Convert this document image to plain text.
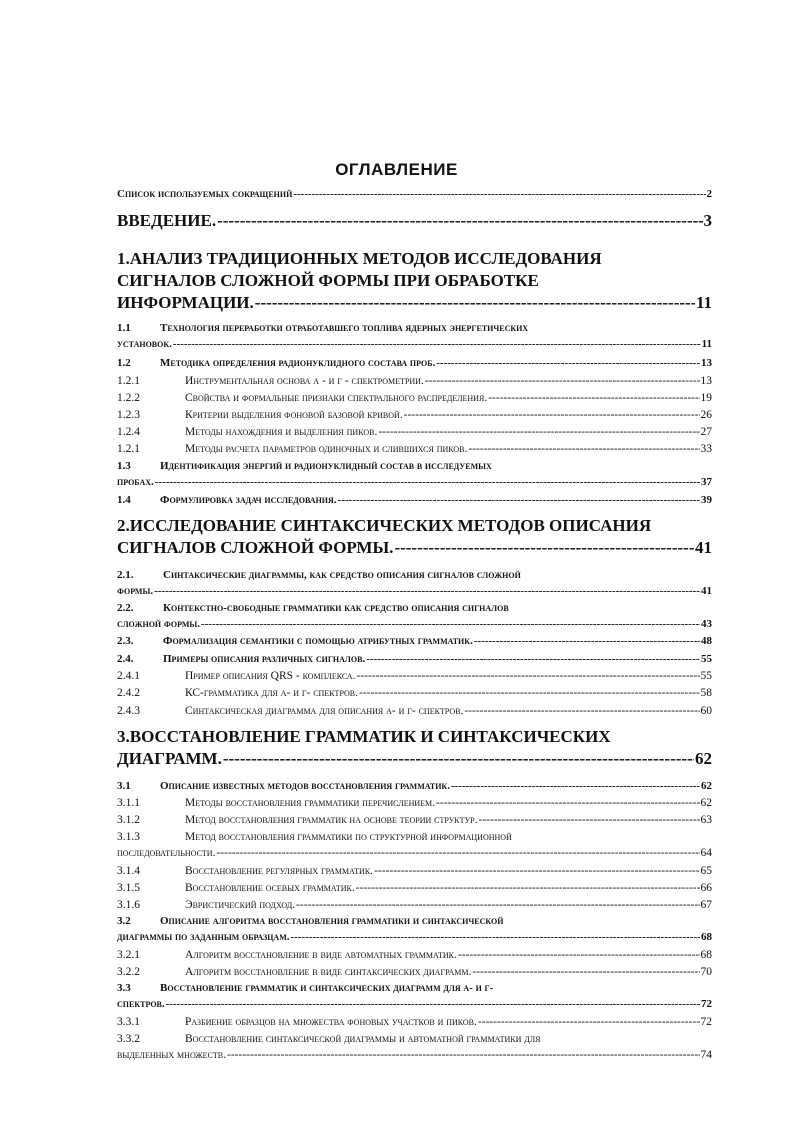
ОГЛАВЛЕНИЕ
Список используемых сокращений -----	2
ВВЕДЕНИЕ. -----	3
1.АНАЛИЗ ТРАДИЦИОННЫХ МЕТОДОВ ИССЛЕДОВАНИЯ
СИГНАЛОВ СЛОЖНОЙ ФОРМЫ ПРИ ОБРАБОТКЕ
ИНФОРМАЦИИ. -----	11
1.1	Технология переработки отработавшего топлива ядерных энергетических
установок. -----	11
1.2	Методика определения радионуклидного состава проб. -----	13
1.2.1	Инструментальная основа α - и γ - спектрометрии. -----	13
1.2.2	Свойства и формальные признаки спектрального распределения. -----	19
1.2.3	Критерии выделения фоновой базовой кривой. -----	26
1.2.4	Методы нахождения и выделения пиков. -----	27
1.2.1	Методы расчета параметров одиночных и слившихся пиков. -----	33
1.3	Идентификация энергий и радионуклидный состав в исследуемых
пробах. -----	37
1.4	Формулировка задач исследования. -----	39
2.ИССЛЕДОВАНИЕ СИНТАКСИЧЕСКИХ МЕТОДОВ ОПИСАНИЯ
СИГНАЛОВ СЛОЖНОЙ ФОРМЫ. -----	41
2.1.	Синтаксические диаграммы, как средство описания сигналов сложной
формы. -----	41
2.2.	Контекстно-свободные грамматики как средство описания сигналов
сложной формы. -----	43
2.3.	Формализация семантики с помощью атрибутных грамматик. -----	48
2.4.	Примеры описания различных сигналов. -----	55
2.4.1	Пример описания QRS - комплекса. -----	55
2.4.2	КС-грамматика для α- и γ- спектров. -----	58
2.4.3	Синтаксическая диаграмма для описания α- и γ- спектров. -----	60
3.ВОССТАНОВЛЕНИЕ ГРАММАТИК И СИНТАКСИЧЕСКИХ
ДИАГРАММ. -----	62
3.1	Описание известных методов восстановления грамматик. -----	62
3.1.1	Методы восстановления грамматики перечислением. -----	62
3.1.2	Метод восстановления грамматик на основе теории структур. -----	63
3.1.3	Метод восстановления грамматики по структурной информационной
последовательности. -----	64
3.1.4	Восстановление регулярных грамматик. -----	65
3.1.5	Восстановление осевых грамматик. -----	66
3.1.6	Эвристический подход. -----	67
3.2	Описание алгоритма восстановления грамматики и синтаксической
диаграммы по заданным образцам. -----	68
3.2.1	Алгоритм восстановление в виде автоматных грамматик. -----	68
3.2.2	Алгоритм восстановление в виде синтаксических диаграмм. -----	70
3.3	Восстановление грамматик и синтаксических диаграмм для α- и γ-
спектров. -----	72
3.3.1	Разбиение образцов на множества фоновых участков и пиков. -----	72
3.3.2	Восстановление синтаксической диаграммы и автоматной грамматики для
выделенных множеств. -----	74
